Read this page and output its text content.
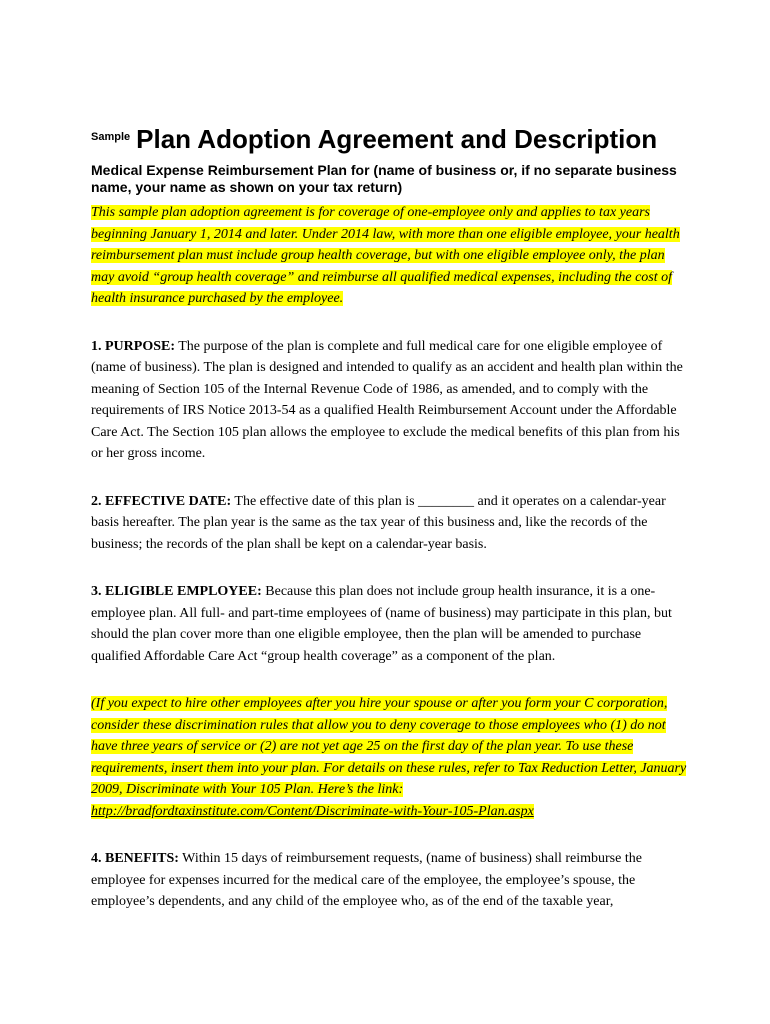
$^{Sample}$ Plan Adoption Agreement and Description

Medical Expense Reimbursement Plan for (name of business or, if no separate business name, your name as shown on your tax return)

This sample plan adoption agreement is for coverage of one-employee only and applies to tax years beginning January 1, 2014 and later. Under 2014 law, with more than one eligible employee, your health reimbursement plan must include group health coverage, but with one eligible employee only, the plan may avoid “group health coverage” and reimburse all qualified medical expenses, including the cost of health insurance purchased by the employee.

1. PURPOSE: The purpose of the plan is complete and full medical care for one eligible employee of (name of business). The plan is designed and intended to qualify as an accident and health plan within the meaning of Section 105 of the Internal Revenue Code of 1986, as amended, and to comply with the requirements of IRS Notice 2013-54 as a qualified Health Reimbursement Account under the Affordable Care Act. The Section 105 plan allows the employee to exclude the medical benefits of this plan from his or her gross income.

2. EFFECTIVE DATE: The effective date of this plan is ________ and it operates on a calendar-year basis hereafter. The plan year is the same as the tax year of this business and, like the records of the business; the records of the plan shall be kept on a calendar-year basis.

3. ELIGIBLE EMPLOYEE: Because this plan does not include group health insurance, it is a one-employee plan. All full- and part-time employees of (name of business) may participate in this plan, but should the plan cover more than one eligible employee, then the plan will be amended to purchase qualified Affordable Care Act “group health coverage” as a component of the plan.

(If you expect to hire other employees after you hire your spouse or after you form your C corporation, consider these discrimination rules that allow you to deny coverage to those employees who (1) do not have three years of service or (2) are not yet age 25 on the first day of the plan year. To use these requirements, insert them into your plan. For details on these rules, refer to Tax Reduction Letter, January 2009, Discriminate with Your 105 Plan. Here’s the link: http://bradfordtaxinstitute.com/Content/Discriminate-with-Your-105-Plan.aspx

4. BENEFITS: Within 15 days of reimbursement requests, (name of business) shall reimburse the employee for expenses incurred for the medical care of the employee, the employee’s spouse, the employee’s dependents, and any child of the employee who, as of the end of the taxable year,
